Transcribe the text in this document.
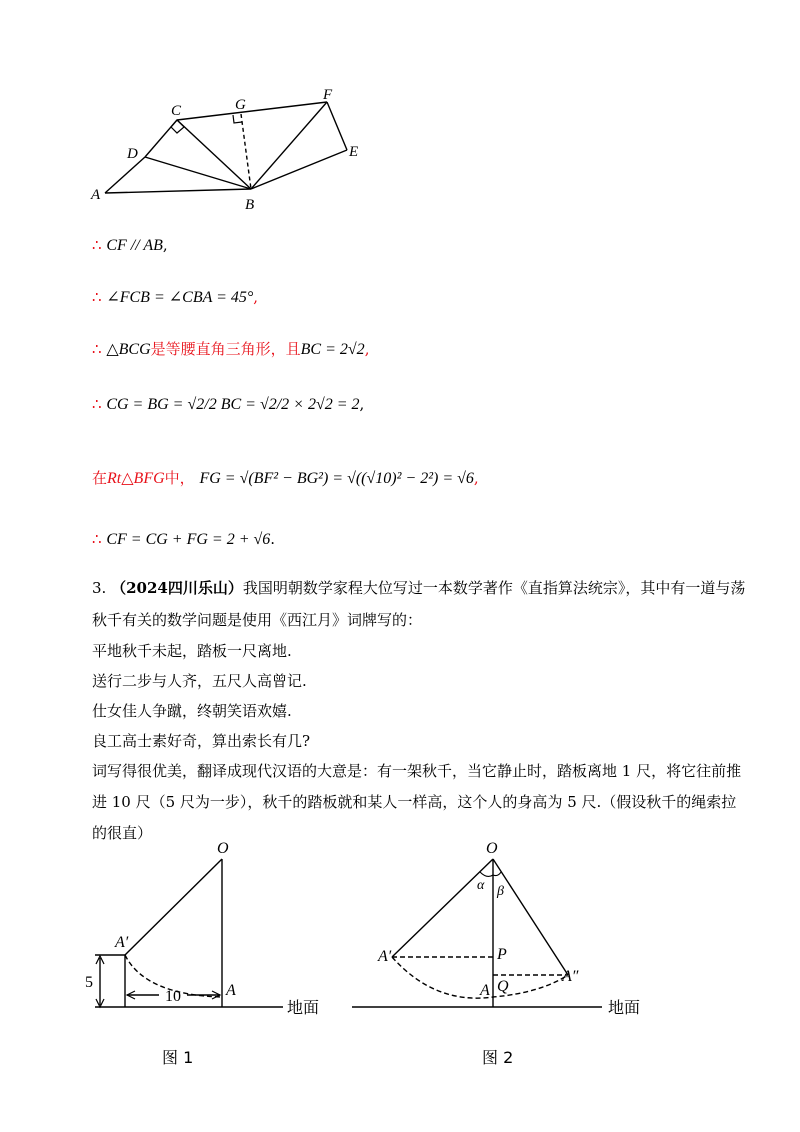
A
B
C
D	E
F
G
∴ CF // AB,
∴ ∠FCB = ∠CBA = 45°,
∴ △BCG是等腰直角三角形，且BC = 2√2,
∴ CG = BG = √2/2 BC = √2/2 × 2√2 = 2,
在Rt△BFG中， FG = √(BF² − BG²) = √((√10)² − 2²) = √6,
∴ CF = CG + FG = 2 + √6.
3. （2024四川乐山）我国明朝数学家程大位写过一本数学著作《直指算法统宗》，其中有一道与荡
秋千有关的数学问题是使用《西江月》词牌写的：
平地秋千未起，踏板一尺离地.
送行二步与人齐，五尺人高曾记.
仕女佳人争蹴，终朝笑语欢嬉.
良工高士素好奇，算出索长有几?
词写得很优美，翻译成现代汉语的大意是：有一架秋千，当它静止时，踏板离地 1 尺，将它往前推
进 10 尺（5 尺为一步），秋千的踏板就和某人一样高，这个人的身高为 5 尺.（假设秋千的绳索拉
的很直）
O
A′
A
5
10
地面
图 1
O
α β
A′	P
A Q
A″
地面
图 2
